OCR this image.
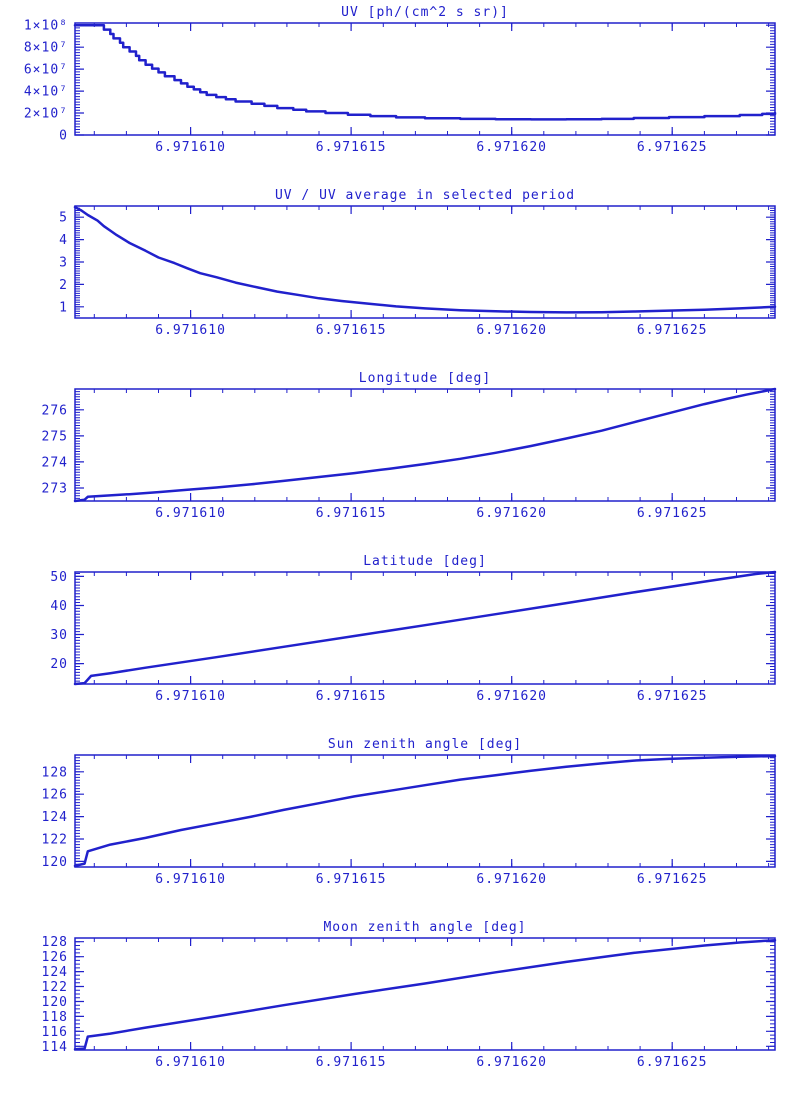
UV [ph/(cm^2 s sr)]
6.971610	6.971615	6.971620	6.971625
0
2×10⁷
4×10⁷
6×10⁷
8×10⁷
1×10⁸
UV / UV average in selected period
6.971610	6.971615	6.971620	6.971625
1
2
3
4
5
Longitude [deg]
6.971610	6.971615	6.971620	6.971625
273
274
275
276
Latitude [deg]
6.971610	6.971615	6.971620	6.971625
20
30
40
50
Sun zenith angle [deg]
6.971610	6.971615	6.971620	6.971625
120
122
124
126
128
Moon zenith angle [deg]
6.971610	6.971615	6.971620	6.971625
114
116
118
120
122
124
126
128
